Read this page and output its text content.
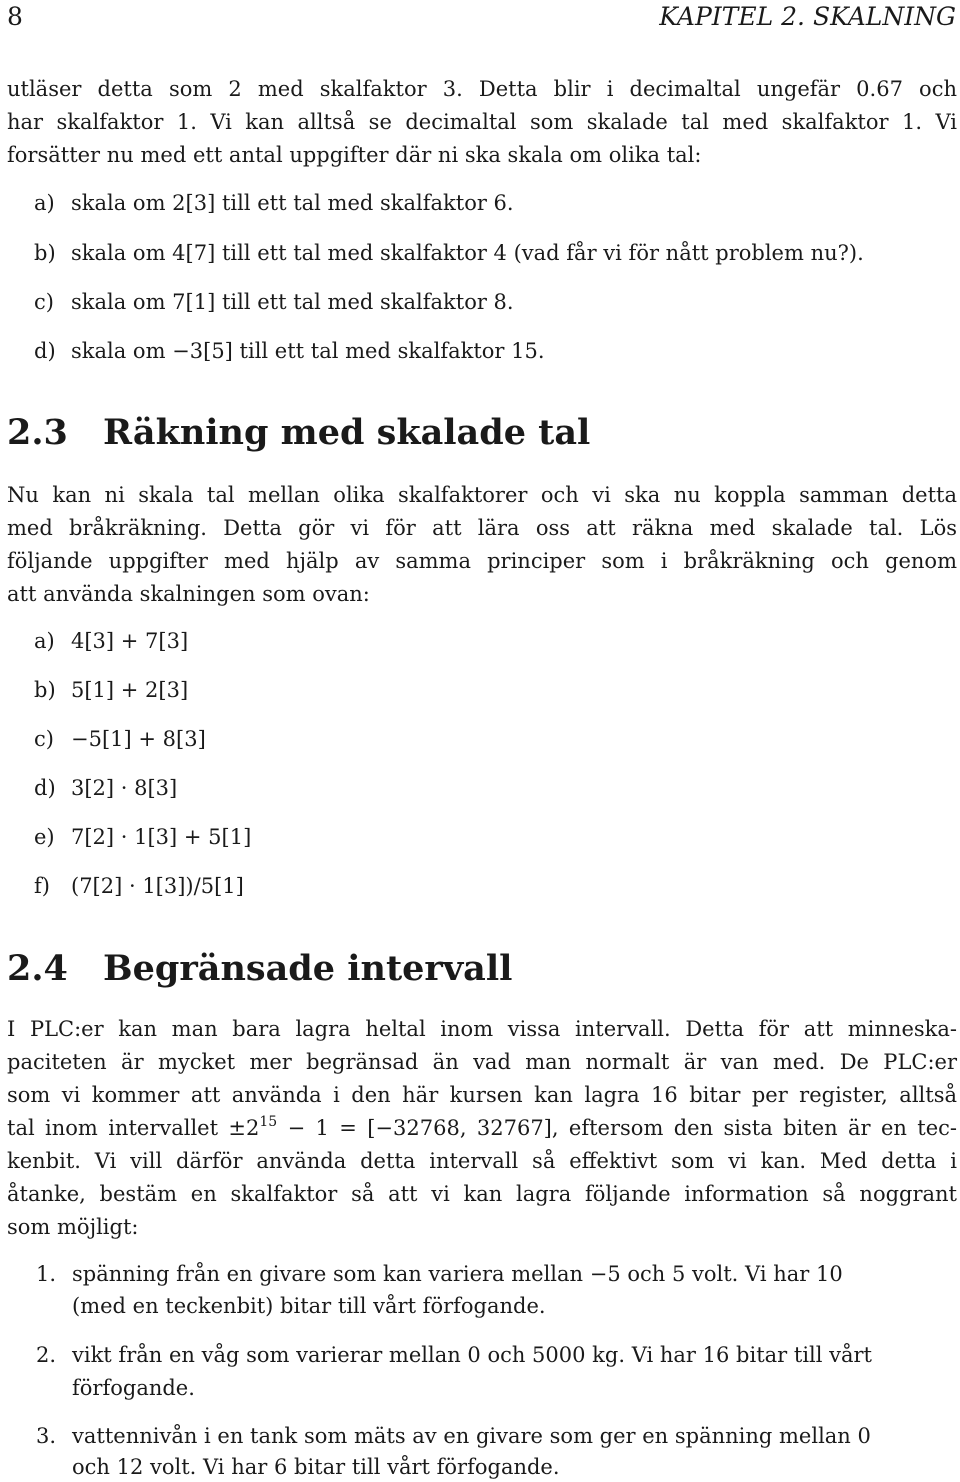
8	KAPITEL 2. SKALNING
utläser detta som 2 med skalfaktor 3. Detta blir i decimaltal ungefär 0.67 och
har skalfaktor 1. Vi kan alltså se decimaltal som skalade tal med skalfaktor 1. Vi
forsätter nu med ett antal uppgifter där ni ska skala om olika tal:
a) skala om 2[3] till ett tal med skalfaktor 6.
b) skala om 4[7] till ett tal med skalfaktor 4 (vad får vi för nått problem nu?).
c) skala om 7[1] till ett tal med skalfaktor 8.
d) skala om −3[5] till ett tal med skalfaktor 15.
2.3 Räkning med skalade tal
Nu kan ni skala tal mellan olika skalfaktorer och vi ska nu koppla samman detta
med bråkräkning. Detta gör vi för att lära oss att räkna med skalade tal. Lös
följande uppgifter med hjälp av samma principer som i bråkräkning och genom
att använda skalningen som ovan:
a) 4[3] + 7[3]
b) 5[1] + 2[3]
c) −5[1] + 8[3]
d) 3[2] · 8[3]
e) 7[2] · 1[3] + 5[1]
f) (7[2] · 1[3])/5[1]
2.4 Begränsade intervall
I PLC:er kan man bara lagra heltal inom vissa intervall. Detta för att minneska-
paciteten är mycket mer begränsad än vad man normalt är van med. De PLC:er
som vi kommer att använda i den här kursen kan lagra 16 bitar per register, alltså
tal inom intervallet $\pm 2^{15} - 1 = [-32768$, 32767], eftersom den sista biten är en tec-
kenbit. Vi vill därför använda detta intervall så effektivt som vi kan. Med detta i
åtanke, bestäm en skalfaktor så att vi kan lagra följande information så noggrant
som möjligt:
1. spänning från en givare som kan variera mellan −5 och 5 volt. Vi har 10
(med en teckenbit) bitar till vårt förfogande.
2. vikt från en våg som varierar mellan 0 och 5000 kg. Vi har 16 bitar till vårt
förfogande.
3. vattennivån i en tank som mäts av en givare som ger en spänning mellan 0
och 12 volt. Vi har 6 bitar till vårt förfogande.
